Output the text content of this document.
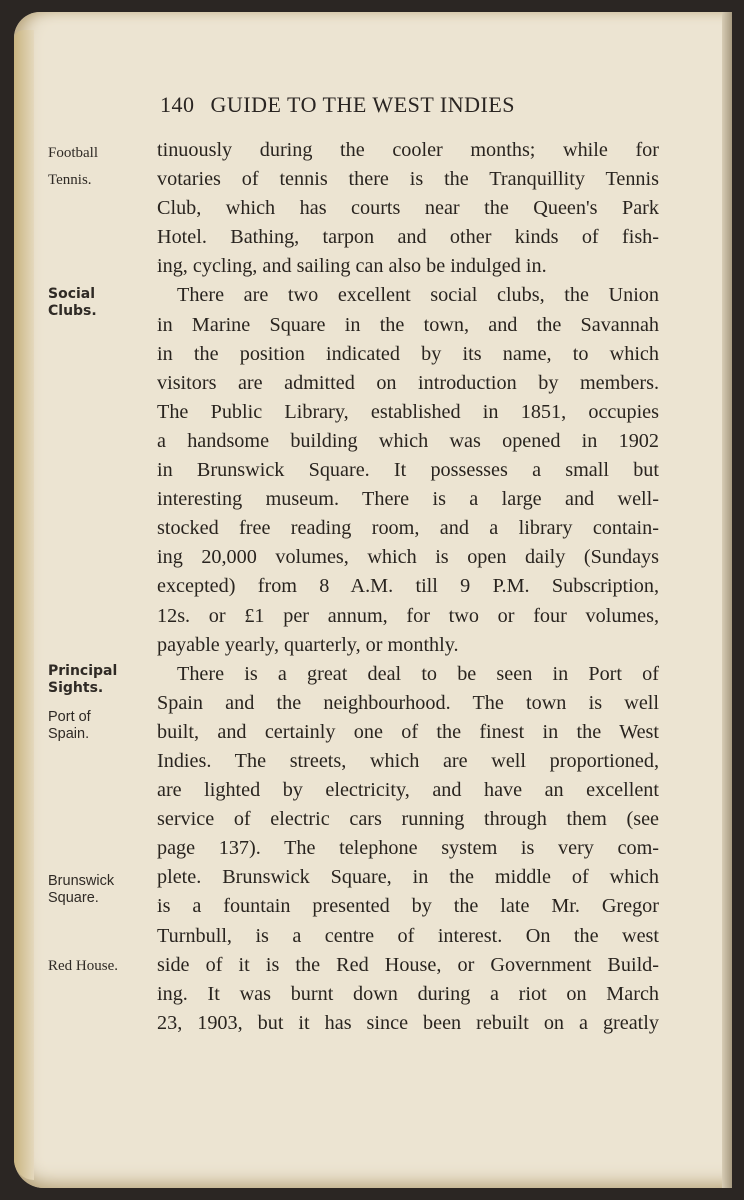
140 GUIDE TO THE WEST INDIES
Football
Tennis.
Social Clubs.
Principal Sights.
Port of Spain.
Brunswick Square.
Red House.
tinuously during the cooler months; while for
votaries of tennis there is the Tranquillity Tennis
Club, which has courts near the Queen's Park
Hotel. Bathing, tarpon and other kinds of fish-
ing, cycling, and sailing can also be indulged in.
There are two excellent social clubs, the Union
in Marine Square in the town, and the Savannah
in the position indicated by its name, to which
visitors are admitted on introduction by members.
The Public Library, established in 1851, occupies
a handsome building which was opened in 1902
in Brunswick Square. It possesses a small but
interesting museum. There is a large and well-
stocked free reading room, and a library contain-
ing 20,000 volumes, which is open daily (Sundays
excepted) from 8 A.M. till 9 P.M. Subscription,
12s. or £1 per annum, for two or four volumes,
payable yearly, quarterly, or monthly.
There is a great deal to be seen in Port of
Spain and the neighbourhood. The town is well
built, and certainly one of the finest in the West
Indies. The streets, which are well proportioned,
are lighted by electricity, and have an excellent
service of electric cars running through them (see
page 137). The telephone system is very com-
plete. Brunswick Square, in the middle of which
is a fountain presented by the late Mr. Gregor
Turnbull, is a centre of interest. On the west
side of it is the Red House, or Government Build-
ing. It was burnt down during a riot on March
23, 1903, but it has since been rebuilt on a greatly
